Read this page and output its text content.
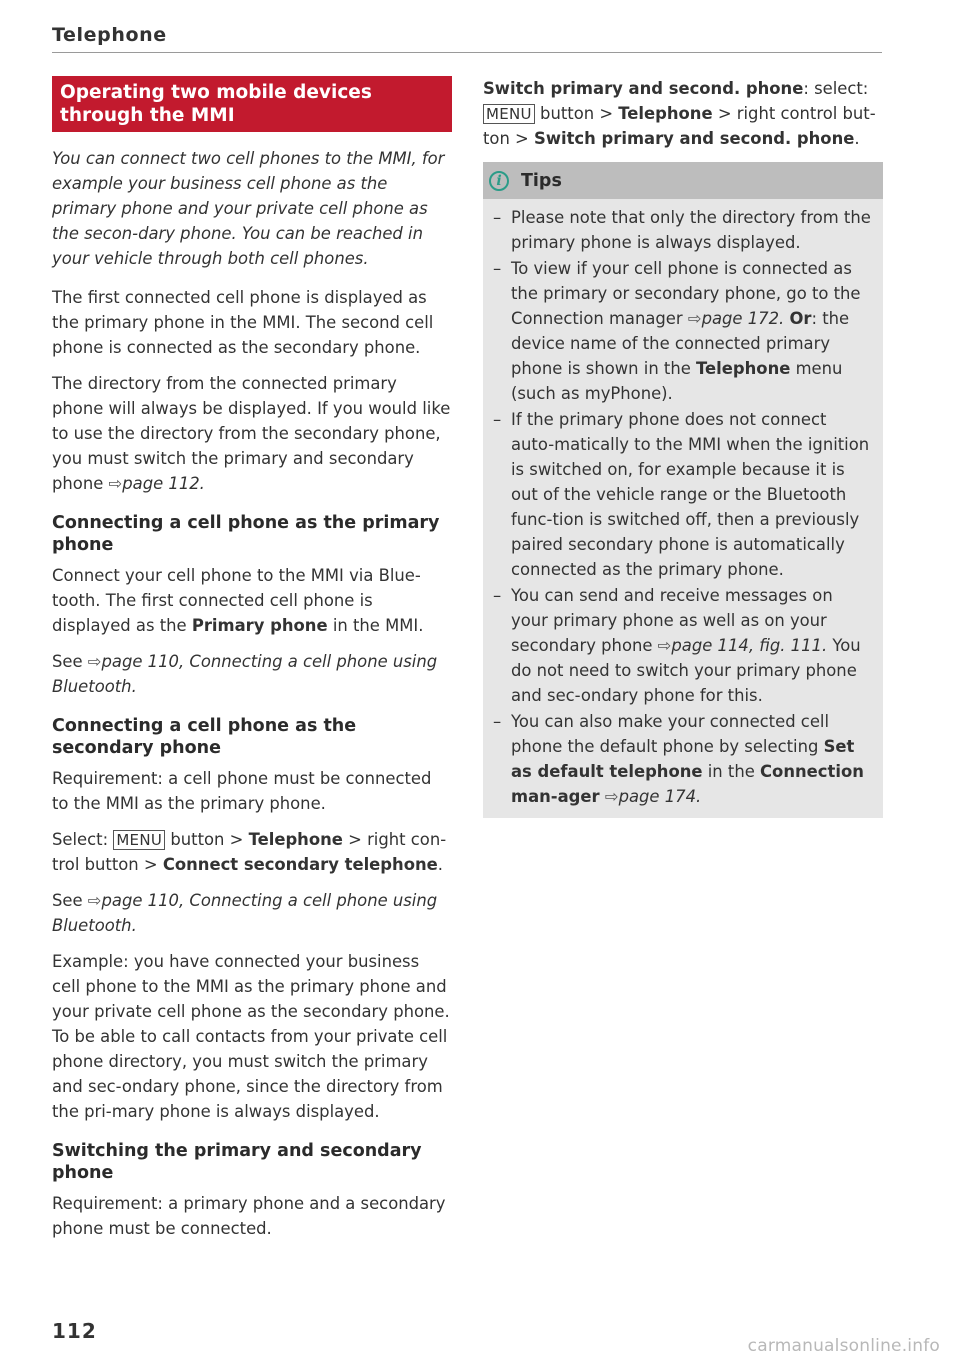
Telephone
Operating two mobile devices through the MMI

You can connect two cell phones to the MMI, for example your business cell phone as the primary phone and your private cell phone as the secon-dary phone. You can be reached in your vehicle through both cell phones.

The first connected cell phone is displayed as the primary phone in the MMI. The second cell phone is connected as the secondary phone.

The directory from the connected primary phone will always be displayed. If you would like to use the directory from the secondary phone, you must switch the primary and secondary phone ⇨page 112.

Connecting a cell phone as the primary phone

Connect your cell phone to the MMI via Blue-tooth. The first connected cell phone is displayed as the Primary phone in the MMI.

See ⇨page 110, Connecting a cell phone using Bluetooth.

Connecting a cell phone as the secondary phone

Requirement: a cell phone must be connected to the MMI as the primary phone.

Select: MENU button > Telephone > right con-trol button > Connect secondary telephone.

See ⇨page 110, Connecting a cell phone using Bluetooth.

Example: you have connected your business cell phone to the MMI as the primary phone and your private cell phone as the secondary phone. To be able to call contacts from your private cell phone directory, you must switch the primary and sec-ondary phone, since the directory from the pri-mary phone is always displayed.

Switching the primary and secondary phone

Requirement: a primary phone and a secondary phone must be connected.

Switch primary and second. phone: select: MENU button > Telephone > right control but-ton > Switch primary and second. phone.

i	Tips
– Please note that only the directory from the primary phone is always displayed.
– To view if your cell phone is connected as the primary or secondary phone, go to the Connection manager ⇨page 172. Or: the device name of the connected primary phone is shown in the Telephone menu (such as myPhone).
– If the primary phone does not connect auto-matically to the MMI when the ignition is switched on, for example because it is out of the vehicle range or the Bluetooth func-tion is switched off, then a previously paired secondary phone is automatically connected as the primary phone.
– You can send and receive messages on your primary phone as well as on your secondary phone ⇨page 114, fig. 111. You do not need to switch your primary phone and sec-ondary phone for this.
– You can also make your connected cell phone the default phone by selecting Set as default telephone in the Connection man-ager ⇨page 174.
112
carmanualsonline.info
